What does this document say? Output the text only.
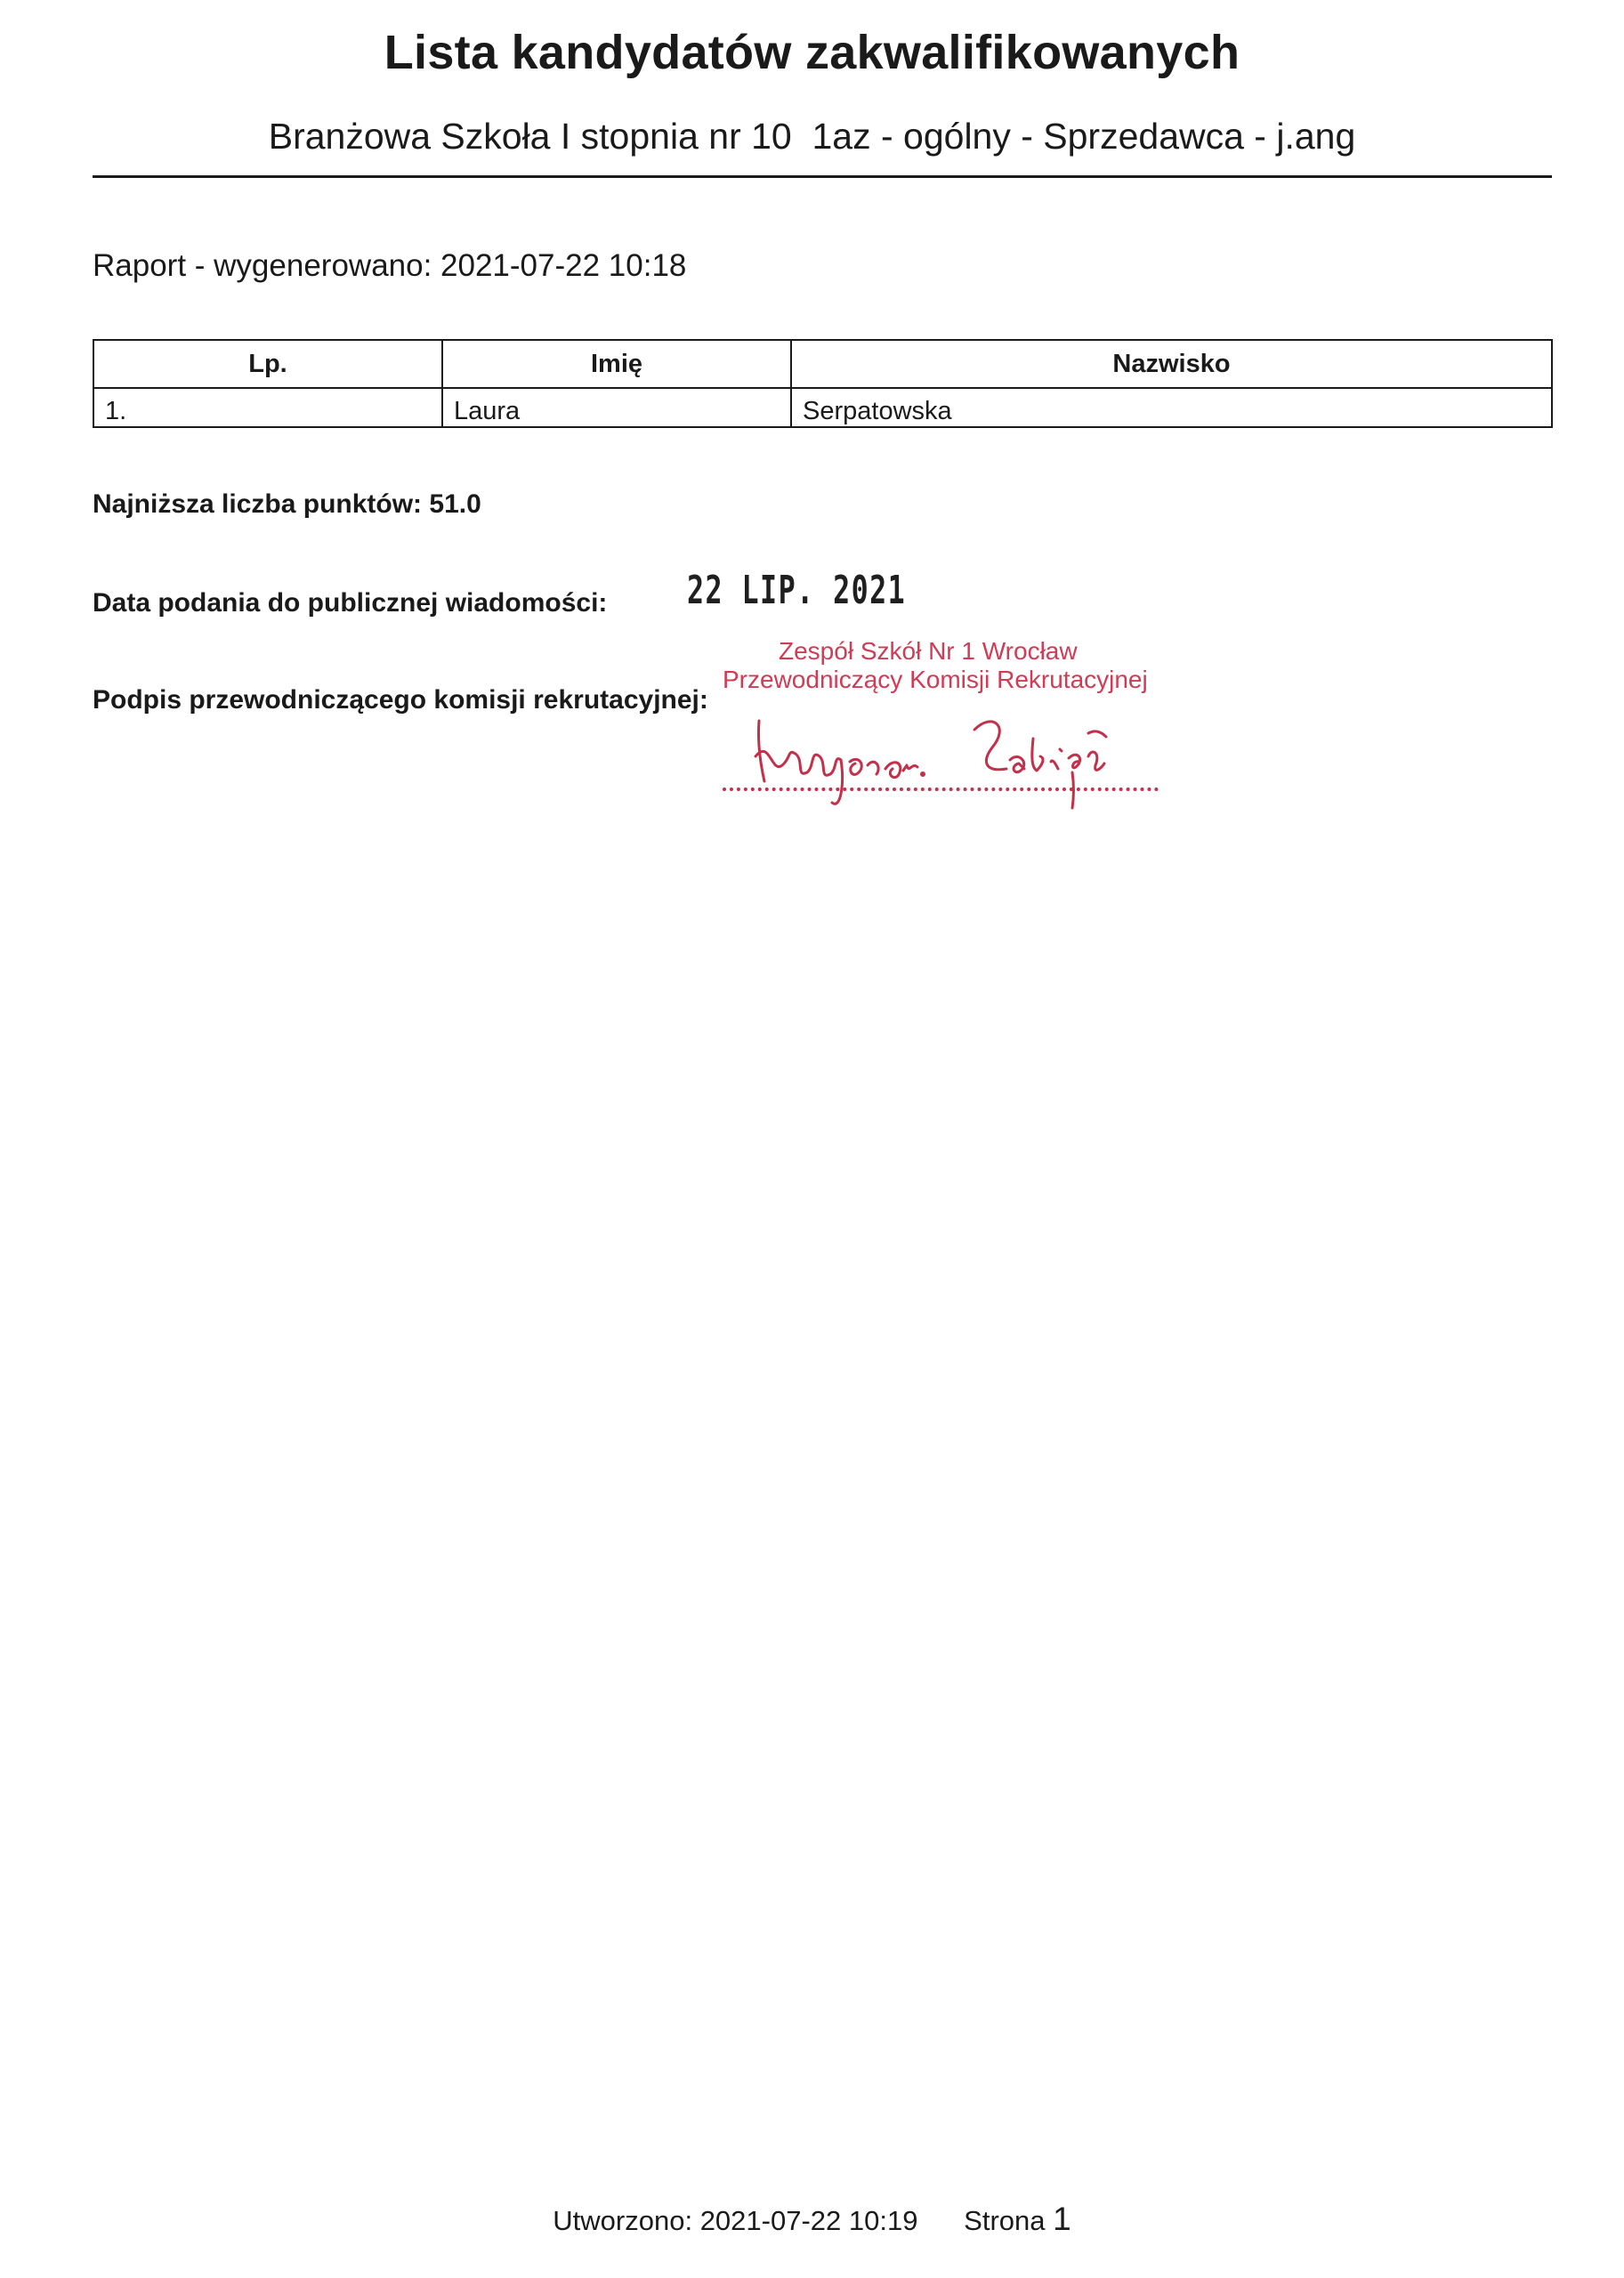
Lista kandydatów zakwalifikowanych
Branżowa Szkoła I stopnia nr 10  1az - ogólny - Sprzedawca - j.ang
Raport - wygenerowano: 2021-07-22 10:18
Lp.	Imię	Nazwisko
1.	Laura	Serpatowska
Najniższa liczba punktów: 51.0
Data podania do publicznej wiadomości: 22 LIP. 2021
Zespół Szkół Nr 1 Wrocław
Przewodniczący Komisji Rekrutacyjnej
Podpis przewodniczącego komisji rekrutacyjnej:
Utworzono: 2021-07-22 10:19 Strona 1
